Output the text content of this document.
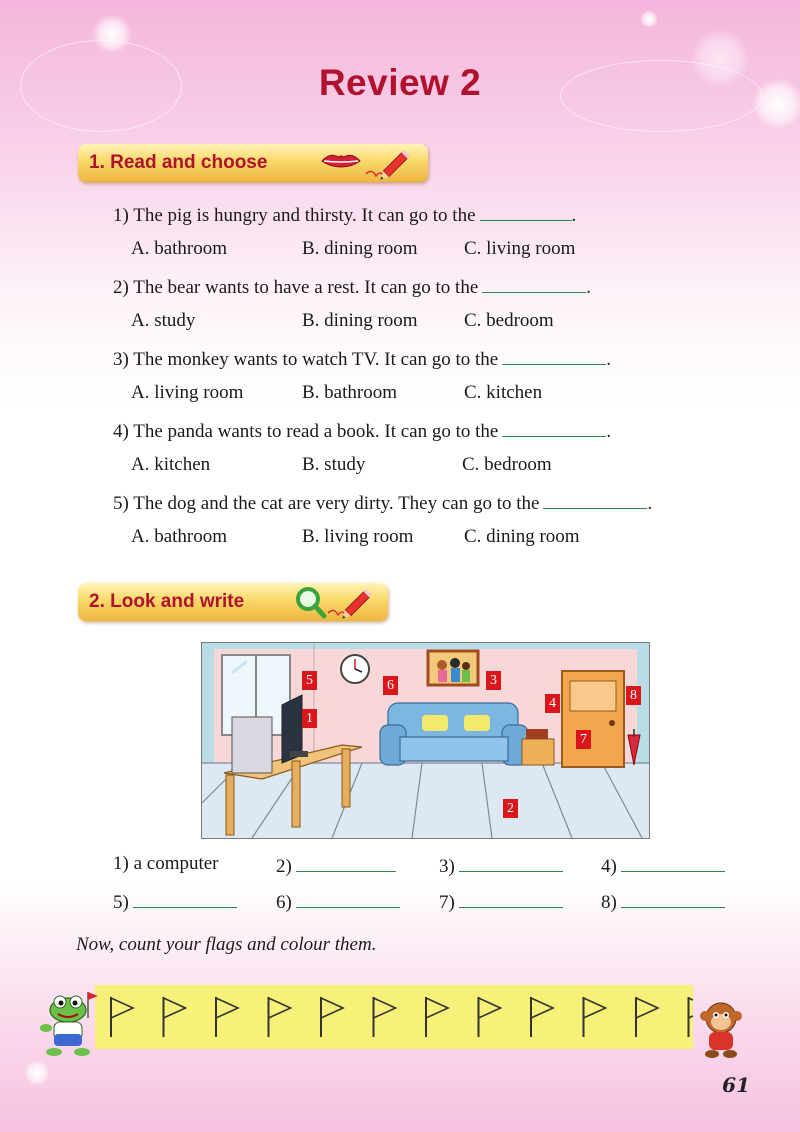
Review 2
1. Read and choose
1) The pig is hungry and thirsty. It can go to the	.
A. bathroom	B. dining room C. living room
2) The bear wants to have a rest. It can go to the	.
A. study	B. dining room C. bedroom
3) The monkey wants to watch TV. It can go to the	.
A. living room	B. bathroom	C. kitchen
4) The panda wants to read a book. It can go to the	.
A. kitchen	B. study	C. bedroom
5) The dog and the cat are very dirty. They can go to the	.
A. bathroom	B. living room	C. dining room
2. Look and write
5	6	3
1
4
7
8
2
1) a computer	2)	3)	4)
5)	6)	7)	8)
Now, count your flags and colour them.
61
